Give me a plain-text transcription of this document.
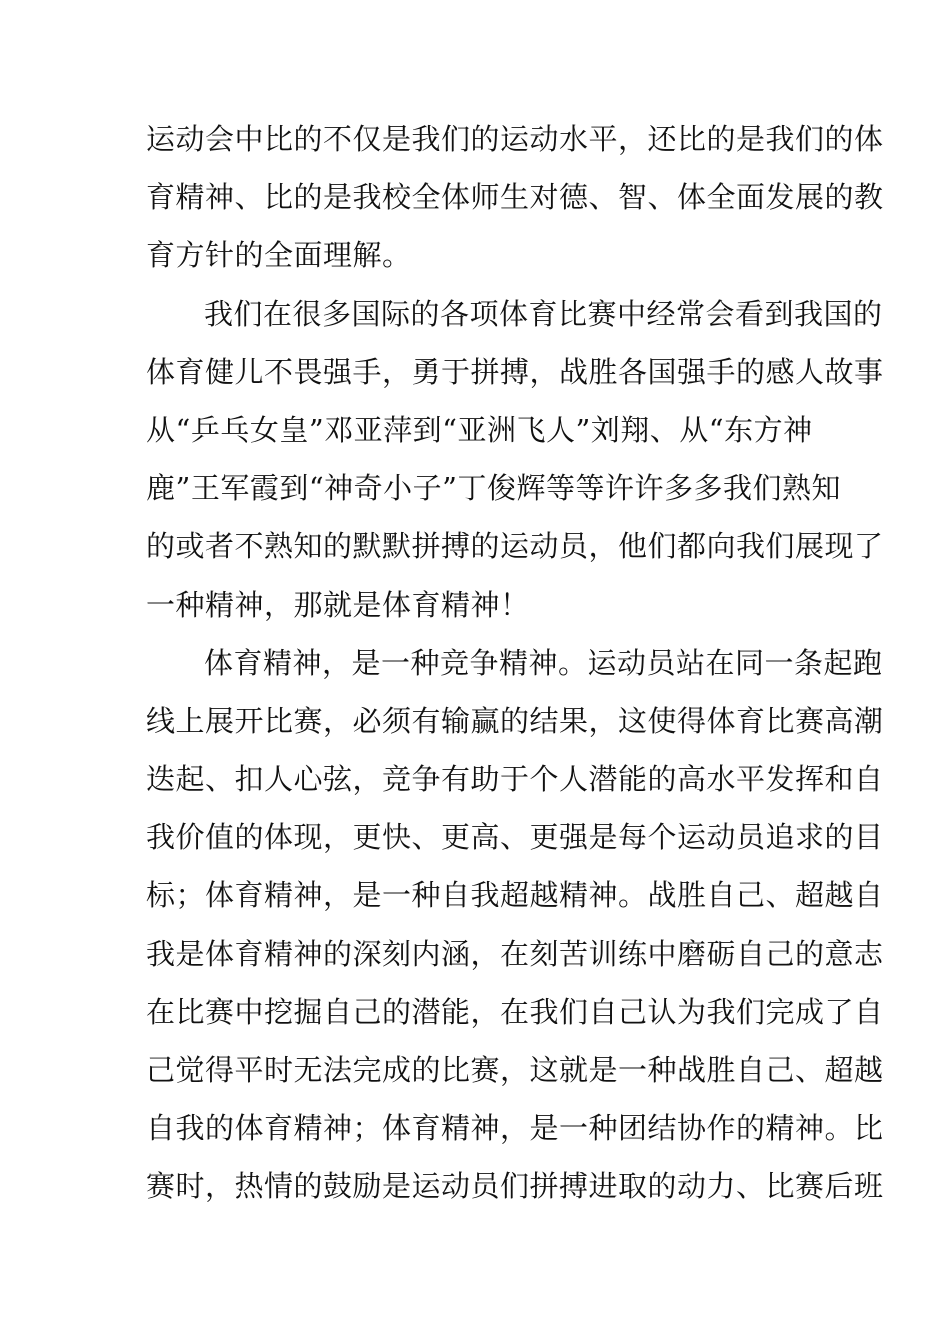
运动会中比的不仅是我们的运动水平，还比的是我们的体
育精神、比的是我校全体师生对德、智、体全面发展的教
育方针的全面理解。
我们在很多国际的各项体育比赛中经常会看到我国的
体育健儿不畏强手，勇于拼搏，战胜各国强手的感人故事
从“乒乓女皇”邓亚萍到“亚洲飞人”刘翔、从“东方神
鹿”王军霞到“神奇小子”丁俊辉等等许许多多我们熟知
的或者不熟知的默默拼搏的运动员，他们都向我们展现了
一种精神，那就是体育精神！
体育精神，是一种竞争精神。运动员站在同一条起跑
线上展开比赛，必须有输赢的结果，这使得体育比赛高潮
迭起、扣人心弦，竞争有助于个人潜能的高水平发挥和自
我价值的体现，更快、更高、更强是每个运动员追求的目
标；体育精神，是一种自我超越精神。战胜自己、超越自
我是体育精神的深刻内涵，在刻苦训练中磨砺自己的意志
在比赛中挖掘自己的潜能，在我们自己认为我们完成了自
己觉得平时无法完成的比赛，这就是一种战胜自己、超越
自我的体育精神；体育精神，是一种团结协作的精神。比
赛时，热情的鼓励是运动员们拼搏进取的动力、比赛后班
